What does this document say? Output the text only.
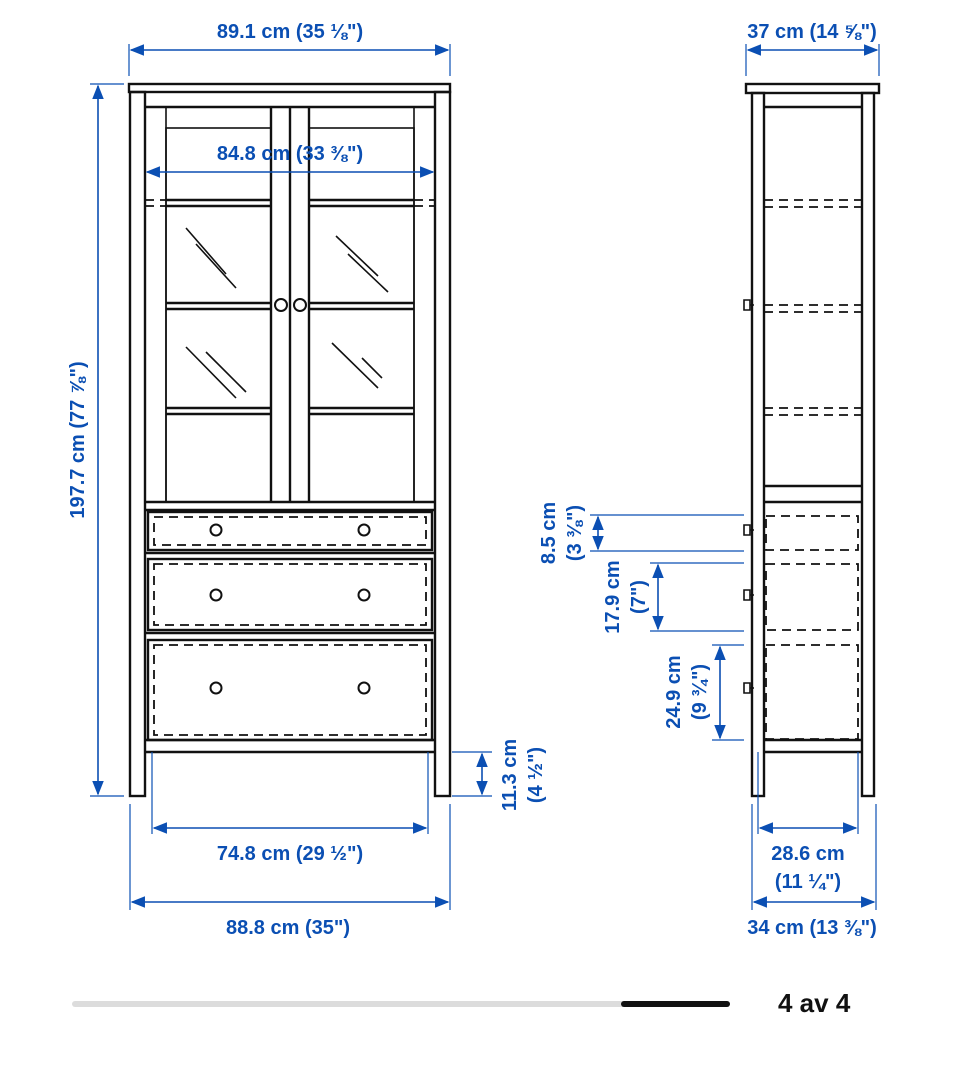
89.1 cm (35 ⅛")
84.8 cm (33 ⅜")
197.7 cm (77 ⅞")
11.3 cm (4 ½")
74.8 cm (29 ½")
88.8 cm (35")
37 cm (14 ⅝")
8.5 cm (3 ⅜")
17.9 cm (7")
24.9 cm (9 ¾")
28.6 cm
(11 ¼")
34 cm (13 ⅜")
4 av 4
